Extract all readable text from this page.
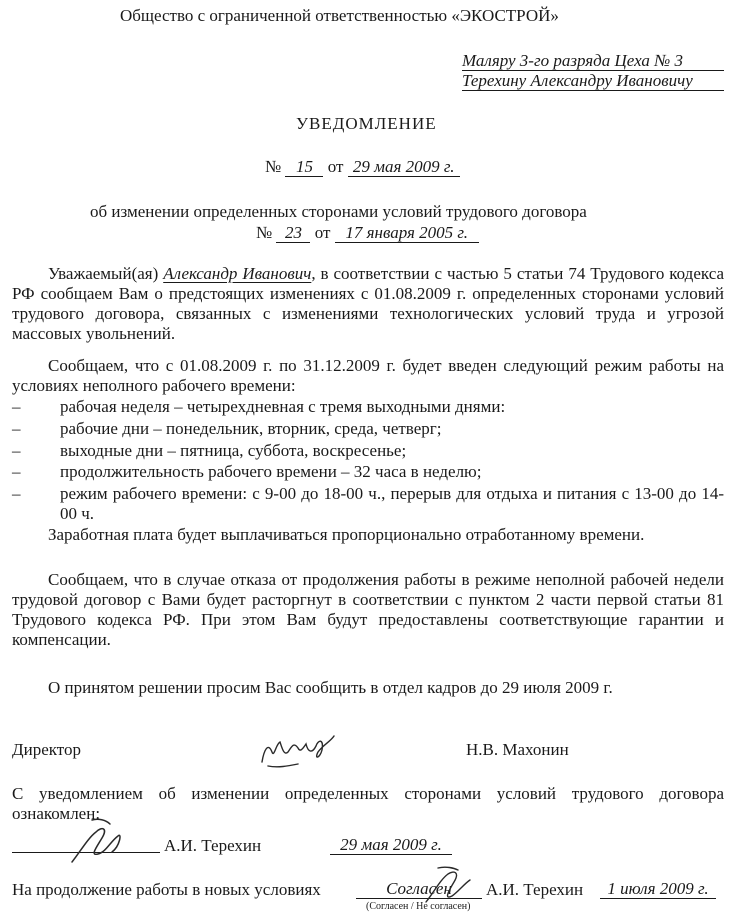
Общество с ограниченной ответственностью «ЭКОСТРОЙ»
Маляру 3-го разряда Цеха № 3
Терехину Александру Ивановичу
УВЕДОМЛЕНИЕ
№ 15 от 29 мая 2009 г.
об изменении определенных сторонами условий трудового договора
№ 23 от 17 января 2005 г.
Уважаемый(ая) Александр Иванович, в соответствии с частью 5 статьи 74 Трудового кодекса РФ сообщаем Вам о предстоящих изменениях с 01.08.2009 г. определенных сторонами условий трудового договора, связанных с изменениями технологических условий труда и угрозой массовых увольнений.
Сообщаем, что с 01.08.2009 г. по 31.12.2009 г. будет введен следующий режим работы на условиях неполного рабочего времени:
– рабочая неделя – четырехдневная с тремя выходными днями:
– рабочие дни – понедельник, вторник, среда, четверг;
– выходные дни – пятница, суббота, воскресенье;
– продолжительность рабочего времени – 32 часа в неделю;
– режим рабочего времени: с 9-00 до 18-00 ч., перерыв для отдыха и питания с 13-00 до 14-00 ч.
Заработная плата будет выплачиваться пропорционально отработанному времени.
Сообщаем, что в случае отказа от продолжения работы в режиме неполной рабочей недели трудовой договор с Вами будет расторгнут в соответствии с пунктом 2 части первой статьи 81 Трудового кодекса РФ. При этом Вам будут предоставлены соответствующие гарантии и компенсации.
О принятом решении просим Вас сообщить в отдел кадров до 29 июля 2009 г.
Директор	Н.В. Махонин
С уведомлением об изменении определенных сторонами условий трудового договора ознакомлен:
А.И. Терехин	29 мая 2009 г.
На продолжение работы в новых условиях	Согласен
(Согласен / Не согласен)
А.И. Терехин	1 июля 2009 г.
